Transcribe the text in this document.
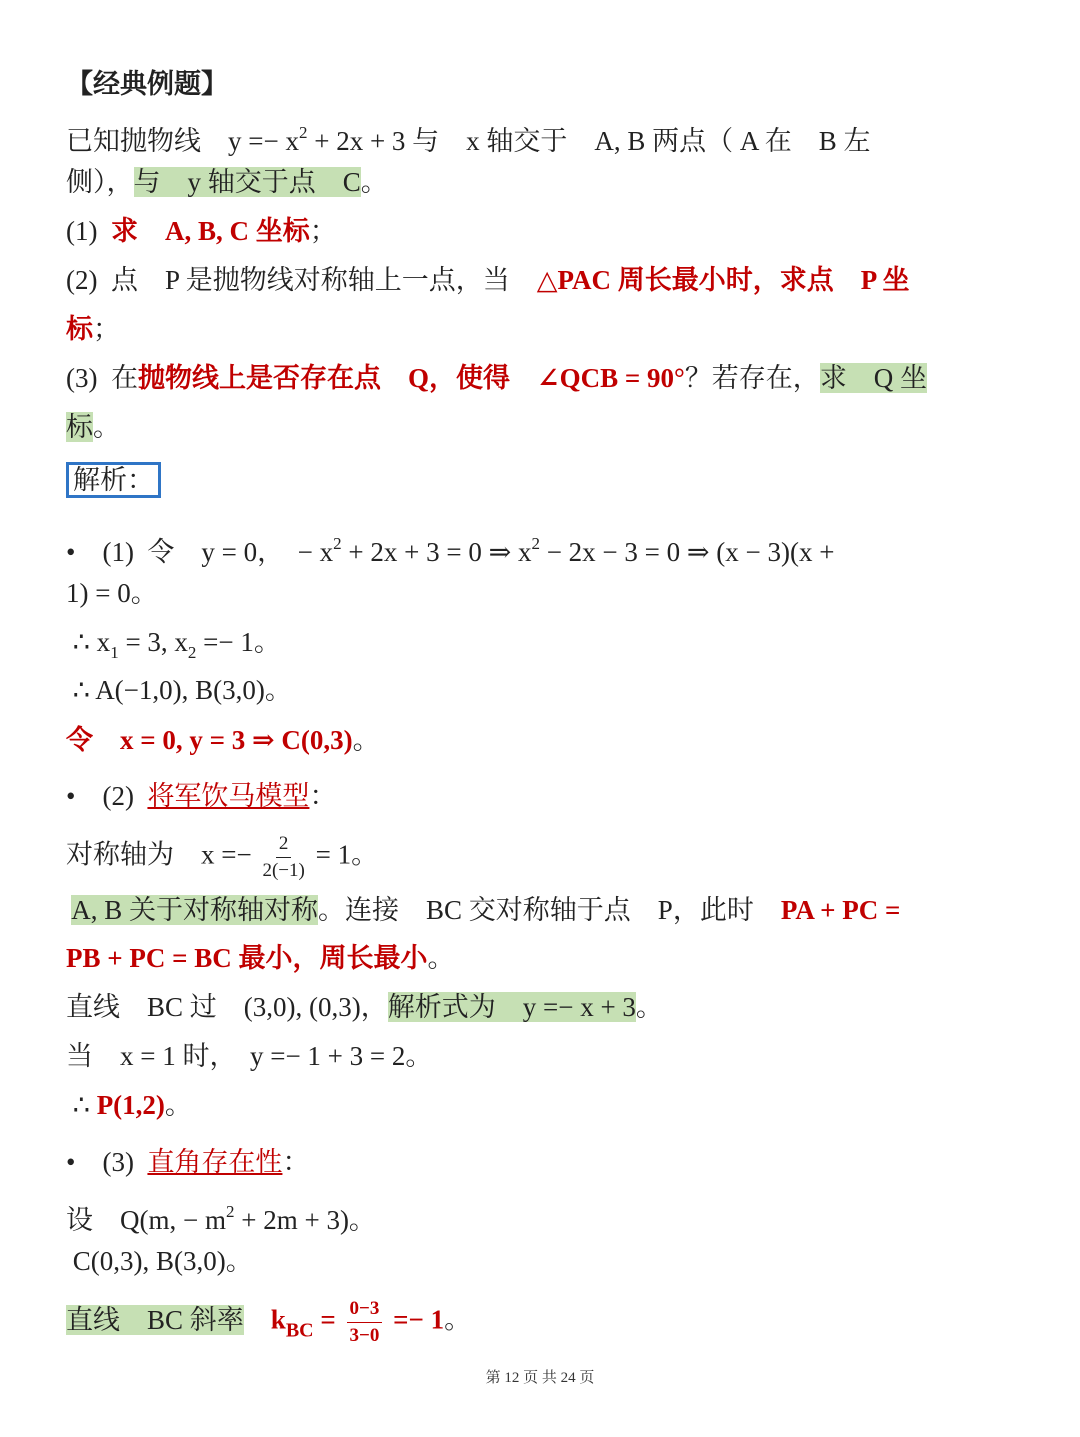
【经典例题】
已知抛物线　$y =- x^2 + 2x + 3$ 与　x 轴交于　A, B 两点（ A 在　B 左
侧），与　y 轴交于点　C。
(1)  求　A, B, C 坐标；
(2)  点　P 是抛物线对称轴上一点，当　△PAC 周长最小时，求点　P 坐
标；
(3)  在抛物线上是否存在点　Q，使得　∠QCB = 90°？若存在，求　Q 坐
标。
解析：
•　(1)  令　y = 0，　− $x^2 + 2x + 3 = 0$ ⇒ $x^2 - 2x - 3 = 0$ ⇒ (x − 3)(x +
1) = 0。
∴ $x_1 = 3$, $x_2 =- 1$。
∴ A(−1,0), B(3,0)。
令　x = 0, y = 3 ⇒ C(0,3)。
•　(2)  将军饮马模型：
对称轴为　$x =- \frac{2}{2(-1)} = 1$。
A, B 关于对称轴对称。连接　BC 交对称轴于点　P，此时　PA + PC =
PB + PC = BC 最小，周长最小。
直线　BC 过　(3,0), (0,3)，解析式为　y =− x + 3。
当　x = 1 时，　y =− 1 + 3 = 2。
∴ P(1,2)。
•　(3)  直角存在性：
设　Q(m, − $m^2 + 2m + 3$)。
C(0,3), B(3,0)。
直线　BC 斜率　 $k_{BC} = \frac{0-3}{3-0} =- 1$。
第 12 页 共 24 页
